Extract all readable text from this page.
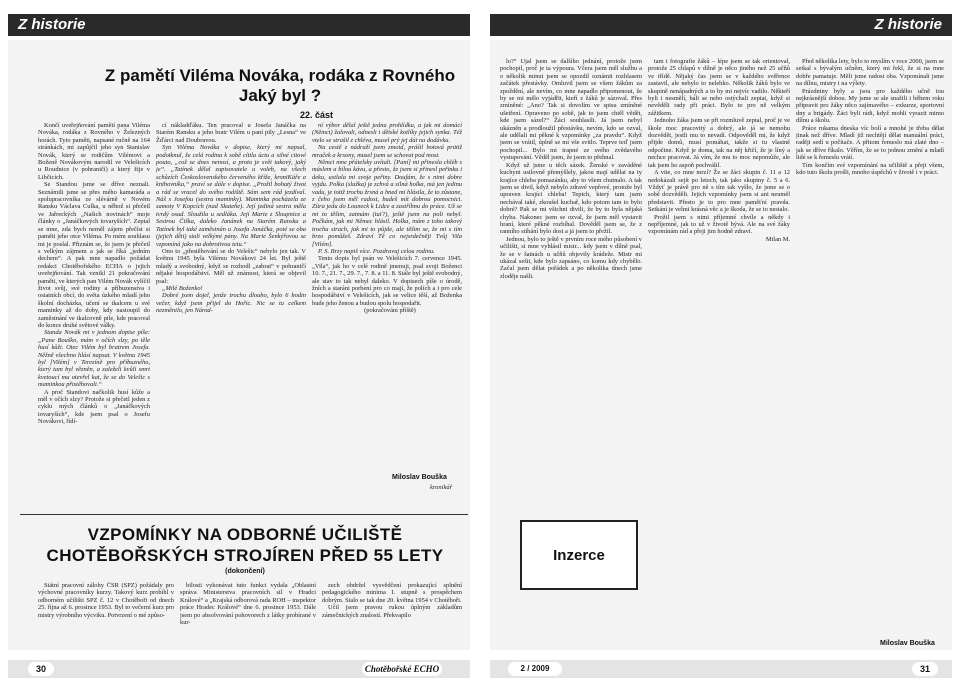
Z historie	Z historie
Z pamětí Viléma Nováka, rodáka z Rovného
Jaký byl ?
22. část

Končí uveřejňování pamětí pana Viléma Nováka, rodáka z Rovného v Železných horách. Tyto paměti, napsané ručně na 164 stránkách, mi zapůjčil jeho syn Stanislav Novák, který se rodičům Vilémovi a Boženě Novákovým narodil ve Velešicích u Roudnice (v pohraničí) a který žije v Libčicích.

Se Standou jsme se dříve neznali. Seznámili jsme se přes mého kamaráda a spolupracovníka ze slévárně v Novém Ransku Václava Culka, u něhož si přečetl ve Jařreckých „Našich novinách“ moje články o „Janáčkových tovaryších“. Zeptal se mne, zda bych neměl zájem přečíst si paměti jeho otce Viléma. Po mém souhlasu mi je poslal. Přiznám se, že jsem je přečetl s velkým zájmem a jak se říká „jedním dechem“. A pak mne napadlo požádat redakci Chotěbořského ECHA o jejich uveřejňování. Tak vznikl 21 pokračování paměti, ve kterých pan Vilém Novák vylíčil život svůj, své rodiny a příbuzenstva i ostatních obcí, do světa úzkého mladí jeho školní docházka, učení se tkalcem u své maminky až do doby, kdy nastoupil do zaměstnání ve tkalcovně pile, kde pracoval do konce druhé světové války.

Standa Novák mi v jednom dopise píše: „Pane Bouško, mám v očích slzy, po těle husí kůži. Otec Vilém byl bratrem Josefa. Něžně všechno hlásí napsat. V květnu 1945 byl [Vilém] v Terezíně pro příbuzného, který tam byl vězněn, a zaleželi kvůli smrt kvetoucí mu otevřel kat, že se do Velešic s maminkou přistěhovali.“

A proč Standovi načkolik husí kůže a měl v očích slzy? Protože si přečetl jeden z cyklu mých článků o „Janáčkových tovaryších“, kde jsem psal o Josefu Novákovi, řídí-

cí nákladďáku. Ten pracoval u Josefa Janáčka na Starém Ransku a jeho bratr Vilém u paní pily „Lesna“ ve Žďárci nad Doubravou.

Syn Viléma Nováka v dopise, který mi napsal, podotknul, že celá rodina k sobě cítila úctu a silné citové pouto, „což se dnes nenosí, a proto je svět takový, jaký je“. „Tatínek dělal zapisovatele u voleb, na všech schůzích Československého červeného kříže, kroniKáře a knihovníka,“ praví se dále v dopise. „Prožil bohatý život a rád se vracel do svého rodiště. Sám sem rád jezdíval. Náš s Josefou (sestra maminky). Maminka pocházela ze samoty V Kopcích (nad Skuteňe). Její jediná sestra měla tvrdý osud. Sloužila u sedláka. Její Marie z Sloupnice a Sestrou Čiška, daleko Janánek na Starém Ransku a Tatínek byl také zaměstnán u Josefa Janáčka, poté se oba (jejich děti) stali velkými pány. Na Marie Šenkýřovou se vzpomíná jako na dobrotivou tetu.“

Ono to „přestěhování se do Velešic“ nebylo jen tak. V květnu 1945 byla Vilému Novákovi 24 let. Byl ještě mladý a svobodný, když se rozhodl „zabrat“ v pohraničí nějaké hospodářství. Měl už známost, která se objevil psal:

„Milé Boženko!

Dobré jsem dojel, jenže trochu dlouho, bylo 6 hodin večer, když jsem přijel do Hořic. Nic se tu celkem nezměnilo, jen Národ-

ní výbor dělal ještě jednu prohlídku, a jak mi domácí (Němci) žalovali, odnesli i dětské kotlíky jejich synka. Též vtelo se strašil z chléva, musel prý jej dát na dodávku.

Na cestě z nádraží jsem zmoid, prášil hotová prütiž mraček a krsony, musel jsem se schovat pod most.

Němci mne přátelsky uvítali. [Paní] mi přinesla chléb s máslem a bílou kávu, a přesto, že jsem si přinesl peřinku i deku, ustlala mi svoje peřiny. Doufám, že s nimi dobre vyjdu. Polka (služka) je zchvá a silná holka, má jen jedinu vadu, je totiž trochu žrsná a hned mi hlásila, že to zůstane, z čeho jsem měl radost, budeš mít dobrou pomocnici. Zítra jedu do Louneck k Lidce a zastříhnu do práce. Už se mi to těšim, zatmám (tuť?), ještě jsem na poli nebyl. Počkám, jak mi Němec hlásil. Holka, mám z toho takový trochu strach, jak mi to půjde, ale těšim se, že mi s tím brzo pomůžeš. Zdraví Tě co nejsrdečněji Tvůj Vila [Vilém].

P. S. Brzy napiš více. Pozdravuj celou rodinu.

Tento dopis byl psán ve Velešicích 7. cervence 1945. „Vila“, jak ho v celé rodině jmenuji, psal svoji Boženci 10. 7., 21. 7., 29. 7., 7. 8. a 11. 8. Stále byl ještě svobodný, ale stav to tak nebyl daleko. V dopisech píše o úrodě, žních a staráni porbení pro co mají, že polích a i pro cele hospodářství v Velešicích, jak se velice těší, až Boženka bude jeho ženou a budou spolu hospodařit.

(pokračování příště)

Miloslav Bouška
kronikář
VZPOMÍNKY NA ODBORNÉ UČILIŠTĚ
CHOTĚBOŘSKÝCH STROJÍREN PŘED 55 LETY
(dokončení)

Státní pracovní zálohy ČSR (SPZ) požádaly pro výchovné pracovníky kurzy. Takový kurz probíhl v odborném učilišti SPZ č. 12 v Chotěboři od dnech 25. října až 6. prosince 1953. Byl to večerní kurz pro mistry výrobního výcviku. Potvrzení o mé způso-

bilosti vykonávat tuto funkci vydala „Oblastní správa Ministerstva pracovních sil v Hradci Králové“ a „Krajská odborová rada ROH – inspektor práce Hradec Králové“ dne 6. prosince 1953. Dále jsem po absolvování pohovorech z látky probírané v kur-

zech obdržel vysvědčení prokazující splnění pedagogického minima I. stupně s prospěchem dobrým. Stalo se tak dne 20. května 1954 v Chotěboři.

Učil jsem pravou rukou úplným základům zámečnických znalostí. Překvapilo

lo?“ Ujal jsem se dalšího jednání, protože jsem pochopil, proč je ta výpoura. Včera jsem měl službu a o několik minut jsem se opozdil oznámit rozhlasem začátek přestávky. Omluvil jsem se všem žákům za zpoždění, ale nevím, co mne napadlo připomenout, že by se mi mělo vyjádřit, kteří z žáků je sázoval. Přes zmíněné: „Ano? Tak si dovolím ve spisu zmíněné ušetření. Opraveno po sobě, jak to jsem chtěl vědět, kde jsem sázel?“ Žáci souhlasili. Já jsem nebyl ukázněn a prodloužil přestávku, nevím, kdo se ozval, ale udělali mi pěkné k vzpomínky „za pravdu“. Když jsem se vrátil, úplně se mi vše svitlo. Teprve teď jsem pochopil... Bylo mi trapné ze svého zvědavého vystupování. Věděl jsem, že jsem to přehnal.

Když už jsme u těch sázek. Ženské v zaváděné kuchyni usilovně přemýšlely, jakou mají udělat na ty krajíce chleba pomazánku, aby to všem chutnalo. A tak jsem se divil, když nebylo zdravé vepřové, protože byl upraven krajíci chleba! Tepich, který tam jsem nechával také, zkoušel kuchař, kdo potom tam to bylo dobré? Pak se mi všichni divili, že by to byla nějaká chyba. Nakonec jsem se ozval, že jsem měl vystavit hraní, které pěkné rozbíhal. Dověděl jsem se, že z ranního stíhání bylo dost a já jsem to přežil.

Jednou, bylo to ještě v prvním roce mého působení v učilišti, si mne vyhlásil mistr... kdy jsem v dílně psal, že se v šatnách u učňů objevily krádeže. Mistr mi ukázal sešit, kde bylo zapsáno, co komu kdy chybělo. Začal jsem dělat pořádek a po několika dnech jsme zloděje našli.

tam i fotografie žáků – lépe jsem se tak orientoval, protože 25 chlapů v dílně je něco jiného než 25 učňů ve třídě. Nějaký čas jsem se v každého svěřence zastavil, ale nebylo to nelehko. Několik žáků bylo ve skupině nenápadných a to by mi nejvíc vadilo. Někteří byli i nesmělí, báli se nebo ostýchali zeptat, když si nevěděli rady při práci. Bylo to pro ně velkým zážitkem.

Jednoho žáka jsem se při rozmluvě zeptal, proč je ve škole moc pracovitý a dobrý, ale já se nemohu dozvědět, jestli mu to nevadí. Odpověděl mi, že když přijde domů, musí pomáhat, takže si tu vlastně odpočine. Když je doma, tak na něj křičí, že je líný a nechce pracovat. Já vím, že mu to moc nepomůže, ale tak jsem ho aspoň pochválil.

A vite, co mne mrzí? Že se žáci skupin č. 11 a 12 nedokázali sejít po letech, tak jako skupiny č. 5 a 6. Vždyť je právě pro ně s tím tak vyšlo, že jsme se o sobě dozvěděli. Jejich vzpomínky jsem si ani neuměl představit. Přesto je to pro mne paměťní pravda. Setkání je velmi krásná věc a je škoda, že se to nestalo.

Prožil jsem s nimi příjemné chvíle a někdy i nepříjemné, jak to už v životě bývá. Ale na své žáky vzpomínám rád a přeji jim hodně zdraví.

Milan M.

Před několika lety, bylo to myslím v roce 2000, jsem se setkal s bývalým učněm, který mi řekl, že si na mne dobře pamatuje. Měli jsme radost oba. Vzpomínali jsme na dílnu, mistry i na výlety.

Prázdniny byly a jsou pro každého učně tou nejkrásnější dobou. My jsme se ale snažili i během roku připravit pro žáky něco zajímavého – exkurze, sportovní dny a brigády. Žáci byli rádi, když mohli vyrazit mimo dílnu a školu.

Práce rukama dneska víc bolí a mnohé je třeba dělat jinak než dříve. Mladí již nechtějí dělat manuální práci, raději sedí u počítače. A přitom řemeslo má zlaté dno – jak se dříve říkalo. Věřím, že se to jednou změní a mladí lidé se k řemeslu vrátí.

Tím končím své vzpomínání na učiliště a přeji všem, kdo tuto školu prošli, mnoho úspěchů v životě i v práci.

Miloslav Bouška
Inzerce
30	Chotěbořské ECHO	2 / 2009	31
